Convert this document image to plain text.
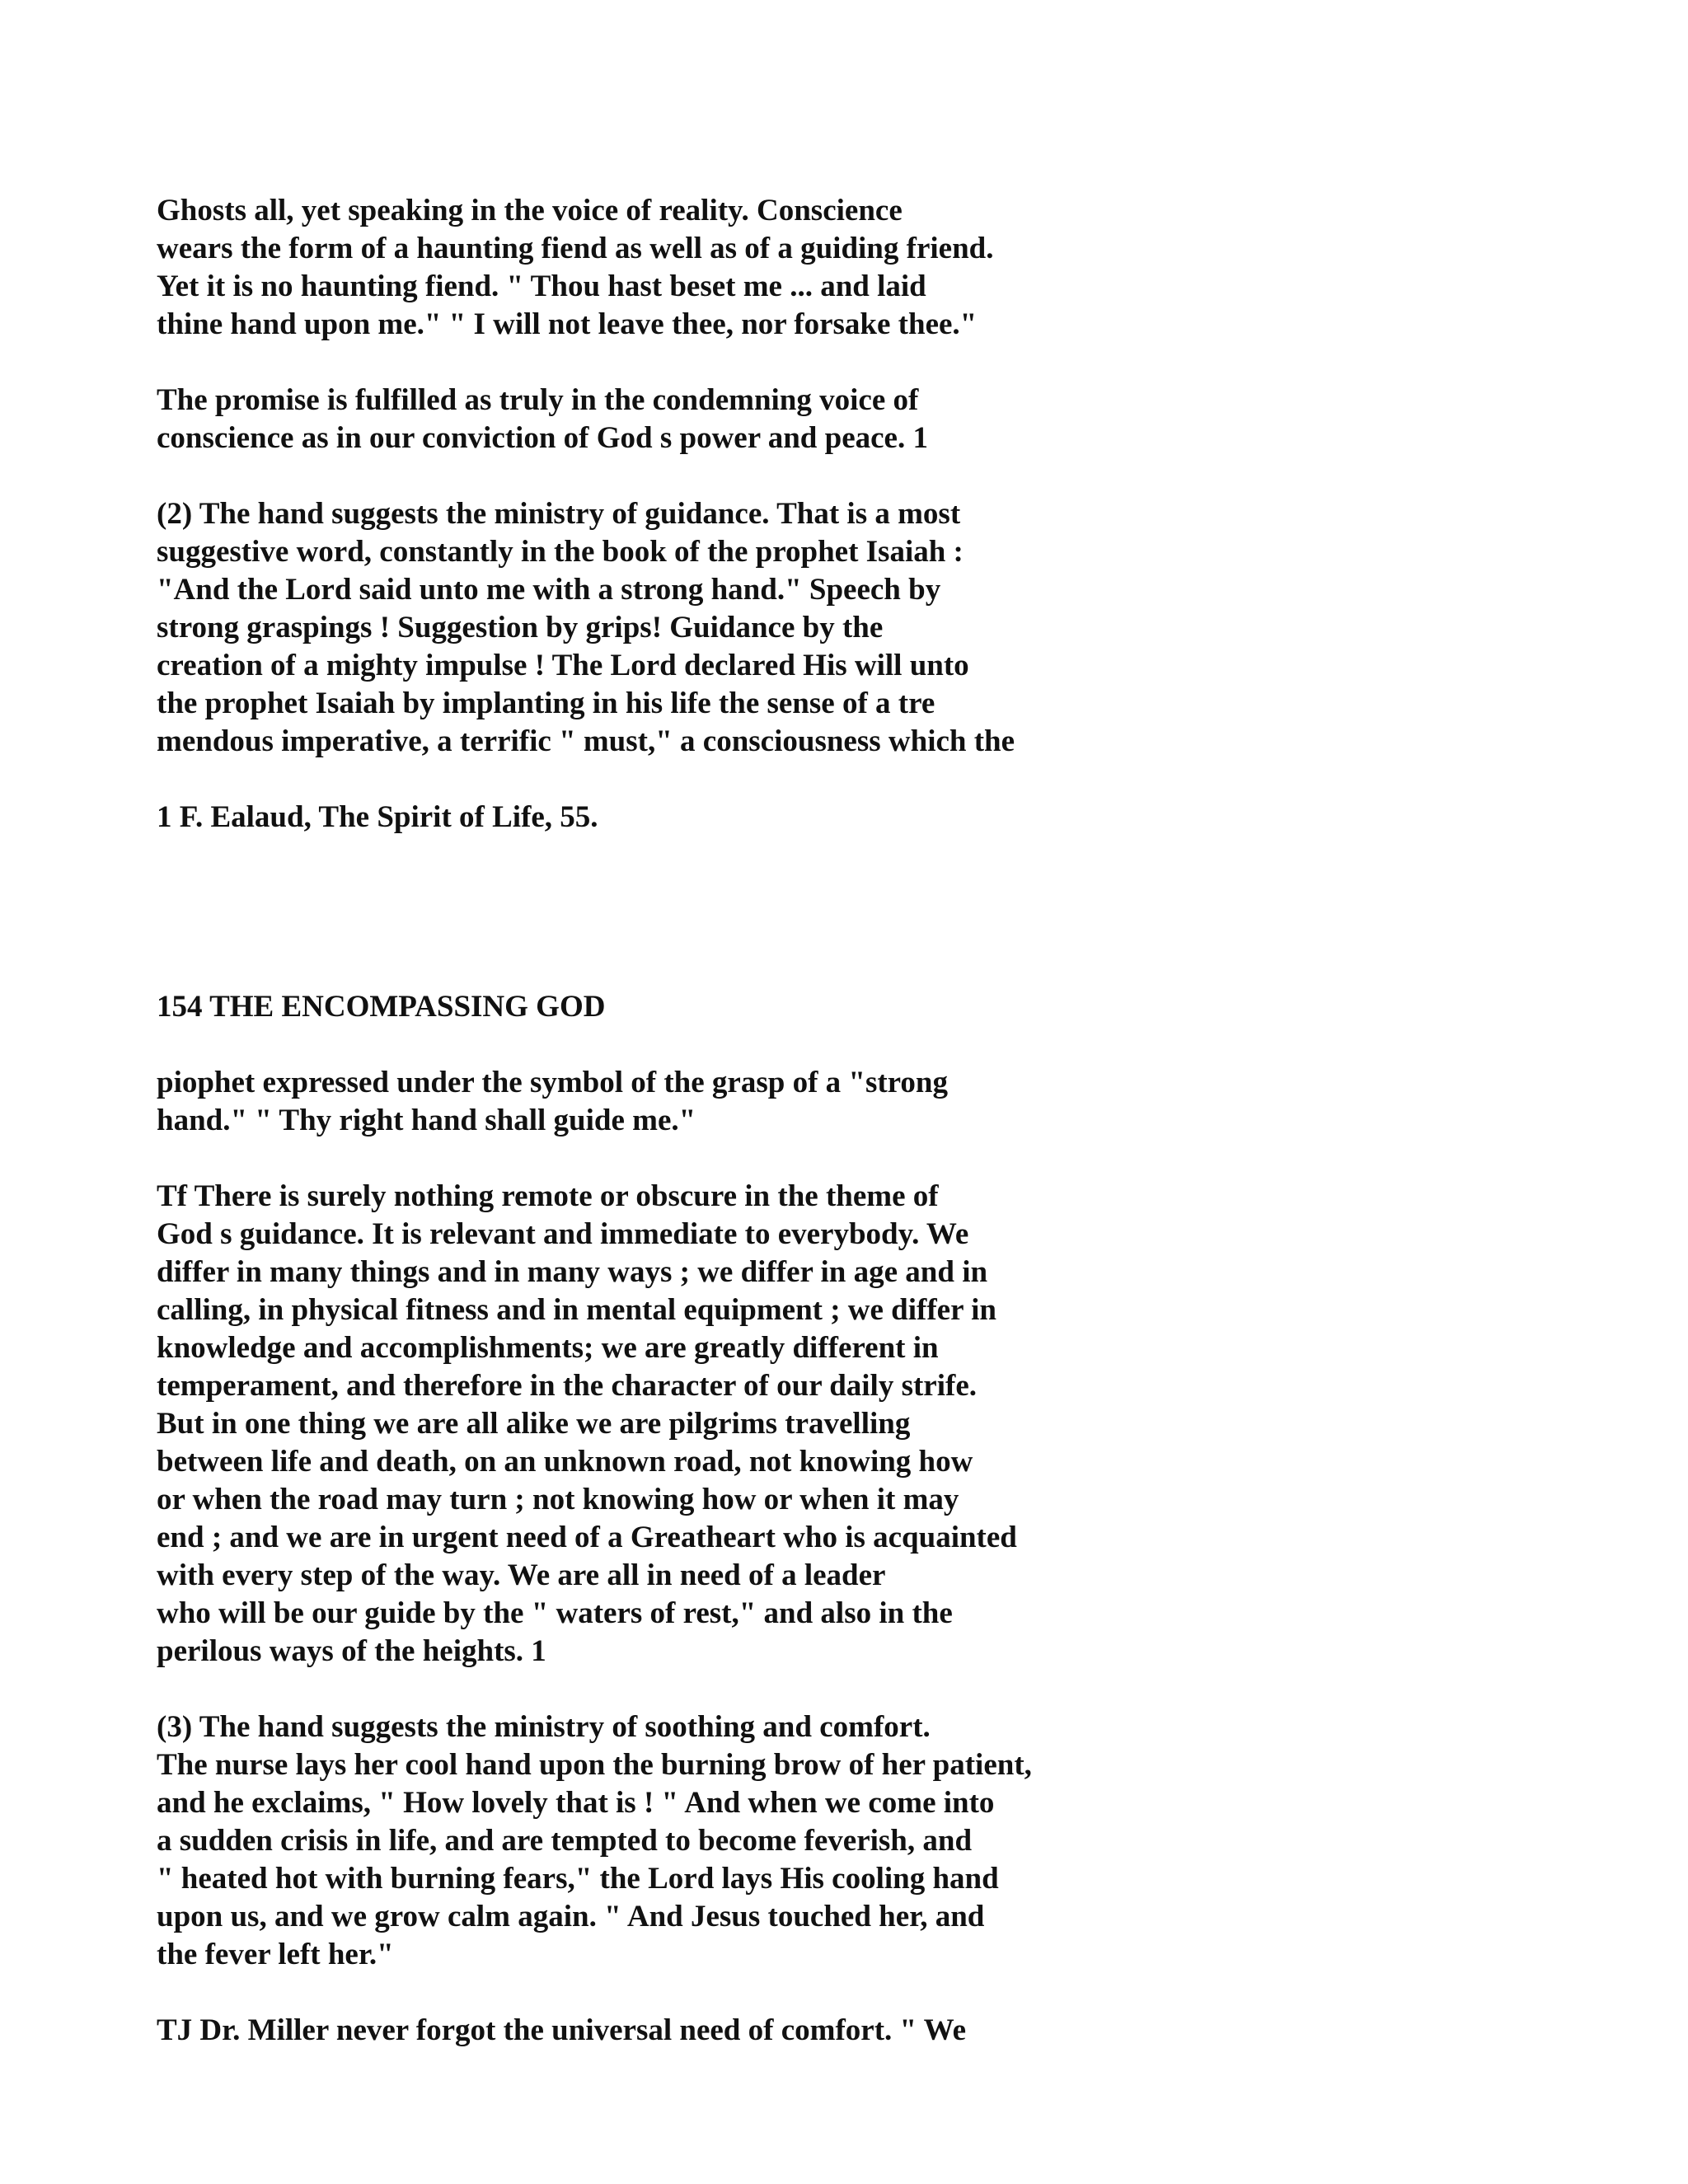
Ghosts all, yet speaking in the voice of reality. Conscience
wears the form of a haunting fiend as well as of a guiding friend.
Yet it is no haunting fiend. " Thou hast beset me ... and laid
thine hand upon me." " I will not leave thee, nor forsake thee."
The promise is fulfilled as truly in the condemning voice of
conscience as in our conviction of God s power and peace. 1
(2) The hand suggests the ministry of guidance. That is a most
suggestive word, constantly in the book of the prophet Isaiah :
"And the Lord said unto me with a strong hand." Speech by
strong graspings ! Suggestion by grips! Guidance by the
creation of a mighty impulse ! The Lord declared His will unto
the prophet Isaiah by implanting in his life the sense of a tre
mendous imperative, a terrific " must," a consciousness which the
1 F. Ealaud, The Spirit of Life, 55.
154 THE ENCOMPASSING GOD
piophet expressed under the symbol of the grasp of a "strong
hand." " Thy right hand shall guide me."
Tf There is surely nothing remote or obscure in the theme of
God s guidance. It is relevant and immediate to everybody. We
differ in many things and in many ways ; we differ in age and in
calling, in physical fitness and in mental equipment ; we differ in
knowledge and accomplishments; we are greatly different in
temperament, and therefore in the character of our daily strife.
But in one thing we are all alike we are pilgrims travelling
between life and death, on an unknown road, not knowing how
or when the road may turn ; not knowing how or when it may
end ; and we are in urgent need of a Greatheart who is acquainted
with every step of the way. We are all in need of a leader
who will be our guide by the " waters of rest," and also in the
perilous ways of the heights. 1
(3) The hand suggests the ministry of soothing and comfort.
The nurse lays her cool hand upon the burning brow of her patient,
and he exclaims, " How lovely that is ! " And when we come into
a sudden crisis in life, and are tempted to become feverish, and
" heated hot with burning fears," the Lord lays His cooling hand
upon us, and we grow calm again. " And Jesus touched her, and
the fever left her."
TJ Dr. Miller never forgot the universal need of comfort. " We
